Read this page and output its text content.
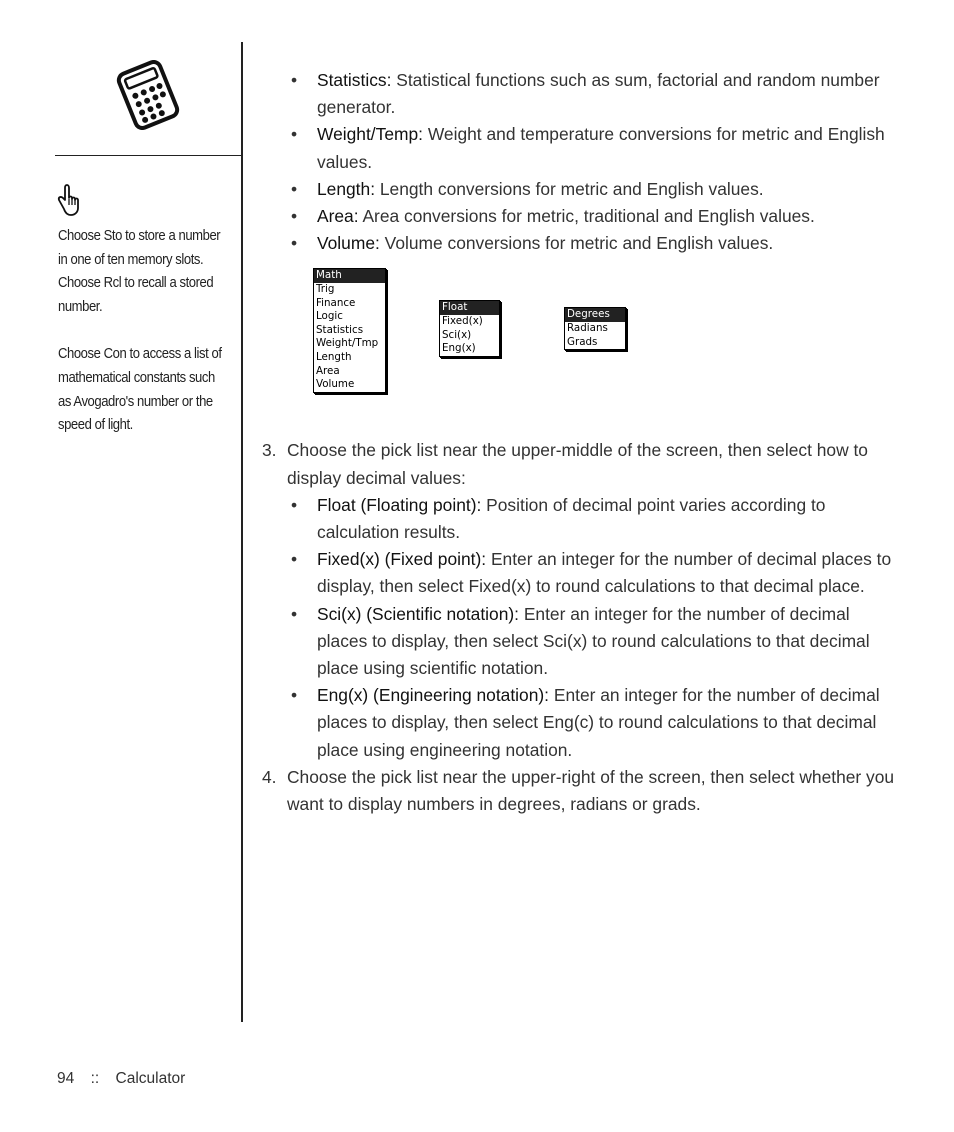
Choose Sto to store a number in one of ten memory slots. Choose Rcl to recall a stored number.

Choose Con to access a list of mathematical constants such as Avogadro's number or the speed of light.

• Statistics: Statistical functions such as sum, factorial and random number generator.
• Weight/Temp: Weight and temperature conversions for metric and English values.
• Length: Length conversions for metric and English values.
• Area: Area conversions for metric, traditional and English values.
• Volume: Volume conversions for metric and English values.
Math
Trig
Finance
Logic
Statistics
Weight/Tmp
Length
Area
Volume
Float
Fixed(x)
Sci(x)
Eng(x)
Degrees
Radians
Grads
3. Choose the pick list near the upper-middle of the screen, then select how to display decimal values:
• Float (Floating point): Position of decimal point varies according to calculation results.
• Fixed(x) (Fixed point): Enter an integer for the number of decimal places to display, then select Fixed(x) to round calculations to that decimal place.
• Sci(x) (Scientific notation): Enter an integer for the number of decimal places to display, then select Sci(x) to round calculations to that decimal place using scientific notation.
• Eng(x) (Engineering notation): Enter an integer for the number of decimal places to display, then select Eng(c) to round calculations to that decimal place using engineering notation.
4. Choose the pick list near the upper-right of the screen, then select whether you want to display numbers in degrees, radians or grads.
94 :: Calculator
